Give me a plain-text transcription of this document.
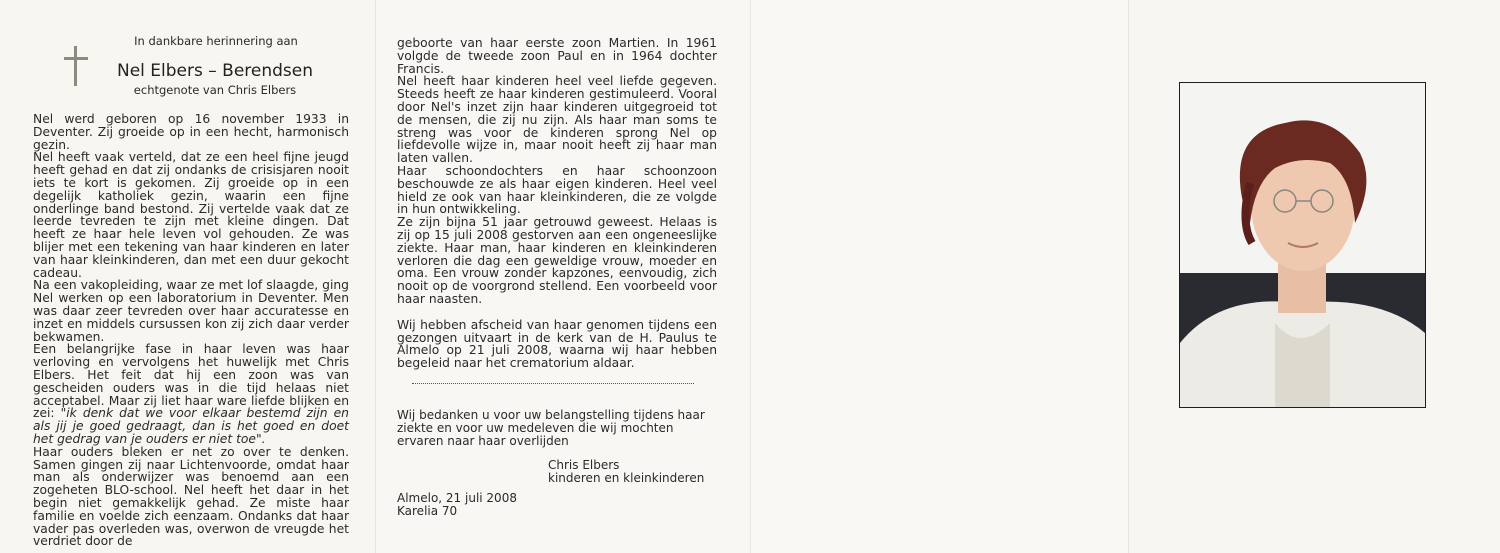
In dankbare herinnering aan
Nel Elbers – Berendsen
echtgenote van Chris Elbers

Nel werd geboren op 16 november 1933 in Deventer. Zij groeide op in een hecht, harmonisch gezin.

Nel heeft vaak verteld, dat ze een heel fijne jeugd heeft gehad en dat zij ondanks de crisisjaren nooit iets te kort is gekomen. Zij groeide op in een degelijk katholiek gezin, waarin een fijne onderlinge band bestond. Zij vertelde vaak dat ze leerde tevreden te zijn met kleine dingen. Dat heeft ze haar hele leven vol gehouden. Ze was blijer met een tekening van haar kinderen en later van haar kleinkinderen, dan met een duur gekocht cadeau.

Na een vakopleiding, waar ze met lof slaagde, ging Nel werken op een laboratorium in Deventer. Men was daar zeer tevreden over haar accuratesse en inzet en middels cursussen kon zij zich daar verder bekwamen.

Een belangrijke fase in haar leven was haar verloving en vervolgens het huwelijk met Chris Elbers. Het feit dat hij een zoon was van gescheiden ouders was in die tijd helaas niet acceptabel. Maar zij liet haar ware liefde blijken en zei: "ik denk dat we voor elkaar bestemd zijn en als jij je goed gedraagt, dan is het goed en doet het gedrag van je ouders er niet toe".

Haar ouders bleken er net zo over te denken. Samen gingen zij naar Lichtenvoorde, omdat haar man als onderwijzer was benoemd aan een zogeheten BLO-school. Nel heeft het daar in het begin niet gemakkelijk gehad. Ze miste haar familie en voelde zich eenzaam. Ondanks dat haar vader pas overleden was, overwon de vreugde het verdriet door de

geboorte van haar eerste zoon Martien. In 1961 volgde de tweede zoon Paul en in 1964 dochter Francis.

Nel heeft haar kinderen heel veel liefde gegeven. Steeds heeft ze haar kinderen gestimuleerd. Vooral door Nel's inzet zijn haar kinderen uitgegroeid tot de mensen, die zij nu zijn. Als haar man soms te streng was voor de kinderen sprong Nel op liefdevolle wijze in, maar nooit heeft zij haar man laten vallen.

Haar schoondochters en haar schoonzoon beschouwde ze als haar eigen kinderen. Heel veel hield ze ook van haar kleinkinderen, die ze volgde in hun ontwikkeling.

Ze zijn bijna 51 jaar getrouwd geweest. Helaas is zij op 15 juli 2008 gestorven aan een ongeneeslijke ziekte. Haar man, haar kinderen en kleinkinderen verloren die dag een geweldige vrouw, moeder en oma. Een vrouw zonder kapzones, eenvoudig, zich nooit op de voorgrond stellend. Een voorbeeld voor haar naasten.

Wij hebben afscheid van haar genomen tijdens een gezongen uitvaart in de kerk van de H. Paulus te Almelo op 21 juli 2008, waarna wij haar hebben begeleid naar het crematorium aldaar.

Wij bedanken u voor uw belangstelling tijdens haar ziekte en voor uw medeleven die wij mochten ervaren naar haar overlijden
Chris Elbers
kinderen en kleinkinderen
Almelo, 21 juli 2008
Karelia 70
